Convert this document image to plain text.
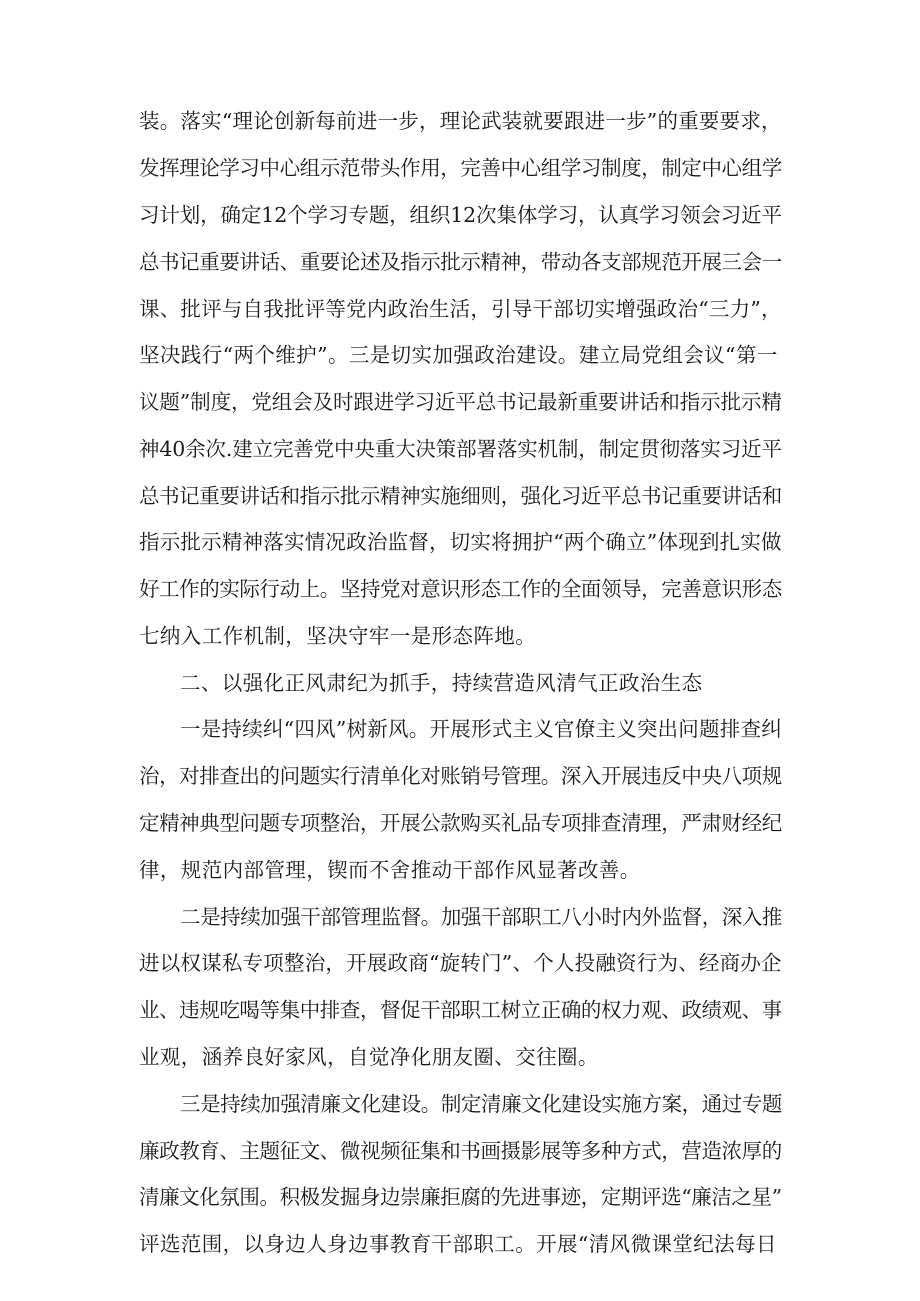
装。落实“理论创新每前进一步，理论武装就要跟进一步”的重要要求，
发挥理论学习中心组示范带头作用，完善中心组学习制度，制定中心组学
习计划，确定12个学习专题，组织12次集体学习，认真学习领会习近平
总书记重要讲话、重要论述及指示批示精神，带动各支部规范开展三会一
课、批评与自我批评等党内政治生活，引导干部切实增强政治“三力”，
坚决践行“两个维护”。三是切实加强政治建设。建立局党组会议“第一
议题”制度，党组会及时跟进学习近平总书记最新重要讲话和指示批示精
神40余次.建立完善党中央重大决策部署落实机制，制定贯彻落实习近平
总书记重要讲话和指示批示精神实施细则，强化习近平总书记重要讲话和
指示批示精神落实情况政治监督，切实将拥护“两个确立”体现到扎实做
好工作的实际行动上。坚持党对意识形态工作的全面领导，完善意识形态
七纳入工作机制，坚决守牢一是形态阵地。
二、以强化正风肃纪为抓手，持续营造风清气正政治生态
一是持续纠“四风”树新风。开展形式主义官僚主义突出问题排查纠
治，对排查出的问题实行清单化对账销号管理。深入开展违反中央八项规
定精神典型问题专项整治，开展公款购买礼品专项排查清理，严肃财经纪
律，规范内部管理，锲而不舍推动干部作风显著改善。
二是持续加强干部管理监督。加强干部职工八小时内外监督，深入推
进以权谋私专项整治，开展政商“旋转门”、个人投融资行为、经商办企
业、违规吃喝等集中排查，督促干部职工树立正确的权力观、政绩观、事
业观，涵养良好家风，自觉净化朋友圈、交往圈。
三是持续加强清廉文化建设。制定清廉文化建设实施方案，通过专题
廉政教育、主题征文、微视频征集和书画摄影展等多种方式，营造浓厚的
清廉文化氛围。积极发掘身边崇廉拒腐的先进事迹，定期评选“廉洁之星”
评选范围，以身边人身边事教育干部职工。开展“清风微课堂纪法每日
